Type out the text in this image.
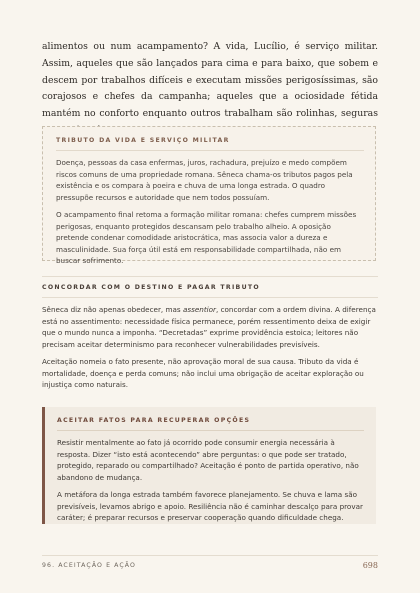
alimentos ou num acampamento? A vida, Lucílio, é serviço militar. Assim, aqueles que são lançados para cima e para baixo, que sobem e descem por trabalhos difíceis e executam missões perigosíssimas, são corajosos e chefes da campanha; aqueles que a ociosidade fétida mantém no conforto enquanto outros trabalham são rolinhas, seguras

TRIBUTO DA VIDA E SERVIÇO MILITAR

Doença, pessoas da casa enfermas, juros, rachadura, prejuízo e medo compõem riscos comuns de uma propriedade romana. Sêneca chama-os tributos pagos pela existência e os compara à poeira e chuva de uma longa estrada. O quadro pressupõe recursos e autoridade que nem todos possuíam.

O acampamento final retoma a formação militar romana: chefes cumprem missões perigosas, enquanto protegidos descansam pelo trabalho alheio. A oposição pretende condenar comodidade aristocrática, mas associa valor a dureza e masculinidade. Sua força útil está em responsabilidade compartilhada, não em buscar sofrimento.

CONCORDAR COM O DESTINO E PAGAR TRIBUTO

Sêneca diz não apenas obedecer, mas assentior, concordar com a ordem divina. A diferença está no assentimento: necessidade física permanece, porém ressentimento deixa de exigir que o mundo nunca a imponha. “Decretadas” exprime providência estoica; leitores não precisam aceitar determinismo para reconhecer vulnerabilidades previsíveis.

Aceitação nomeia o fato presente, não aprovação moral de sua causa. Tributo da vida é mortalidade, doença e perda comuns; não inclui uma obrigação de aceitar exploração ou injustiça como naturais.

ACEITAR FATOS PARA RECUPERAR OPÇÕES

Resistir mentalmente ao fato já ocorrido pode consumir energia necessária à resposta. Dizer “isto está acontecendo” abre perguntas: o que pode ser tratado, protegido, reparado ou compartilhado? Aceitação é ponto de partida operativo, não abandono de mudança.

A metáfora da longa estrada também favorece planejamento. Se chuva e lama são previsíveis, levamos abrigo e apoio. Resiliência não é caminhar descalço para provar caráter; é preparar recursos e preservar cooperação quando dificuldade chega.

96. ACEITAÇÃO E AÇÃO	698
